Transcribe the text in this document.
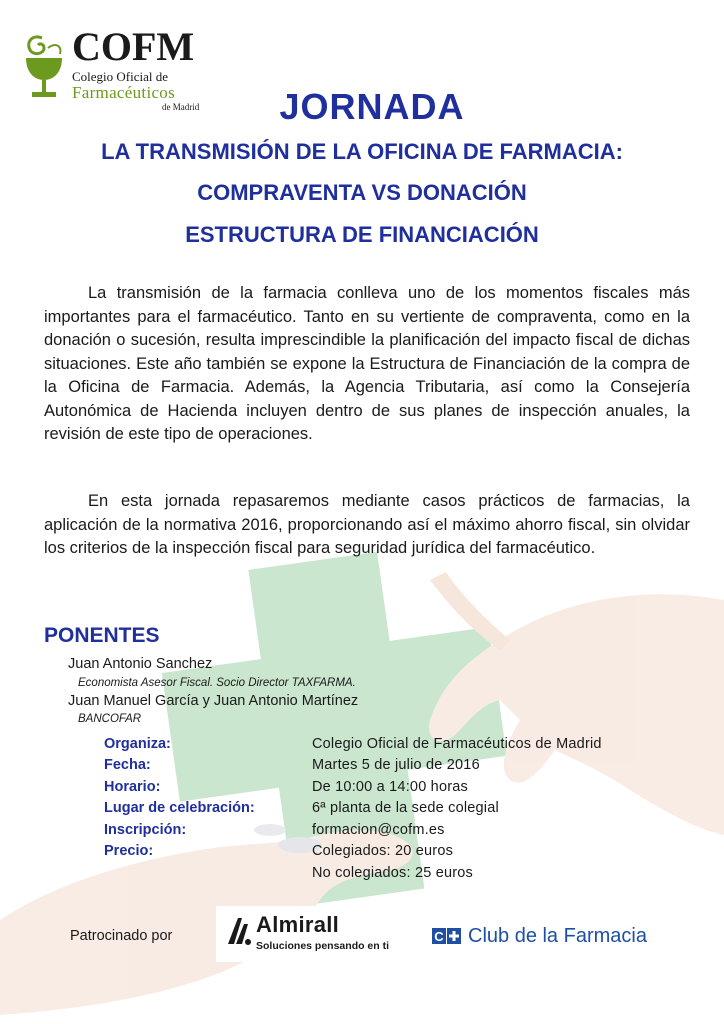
COFM
Colegio Oficial de
Farmacéuticos
de Madrid	JORNADA
LA TRANSMISIÓN DE LA OFICINA DE FARMACIA:
COMPRAVENTA VS DONACIÓN
ESTRUCTURA DE FINANCIACIÓN
La transmisión de la farmacia conlleva uno de los momentos fiscales más importantes para el farmacéutico. Tanto en su vertiente de compraventa, como en la donación o sucesión, resulta imprescindible la planificación del impacto fiscal de dichas situaciones. Este año también se expone la Estructura de Financiación de la compra de la Oficina de Farmacia. Además, la Agencia Tributaria, así como la Consejería Autonómica de Hacienda incluyen dentro de sus planes de inspección anuales, la revisión de este tipo de operaciones.
En esta jornada repasaremos mediante casos prácticos de farmacias, la aplicación de la normativa 2016, proporcionando así el máximo ahorro fiscal, sin olvidar los criterios de la inspección fiscal para seguridad jurídica del farmacéutico.
PONENTES
Juan Antonio Sanchez
Economista Asesor Fiscal. Socio Director TAXFARMA.
Juan Manuel García y Juan Antonio Martínez
BANCOFAR
Organiza:	Colegio Oficial de Farmacéuticos de Madrid
Fecha:	Martes 5 de julio de 2016
Horario:	De 10:00 a 14:00 horas
Lugar de celebración:	6ª planta de la sede colegial
Inscripción:	formacion@cofm.es
Precio:	Colegiados: 20 euros
No colegiados: 25 euros
Patrocinado por	Almirall
Soluciones pensando en ti
C Club de la Farmacia
